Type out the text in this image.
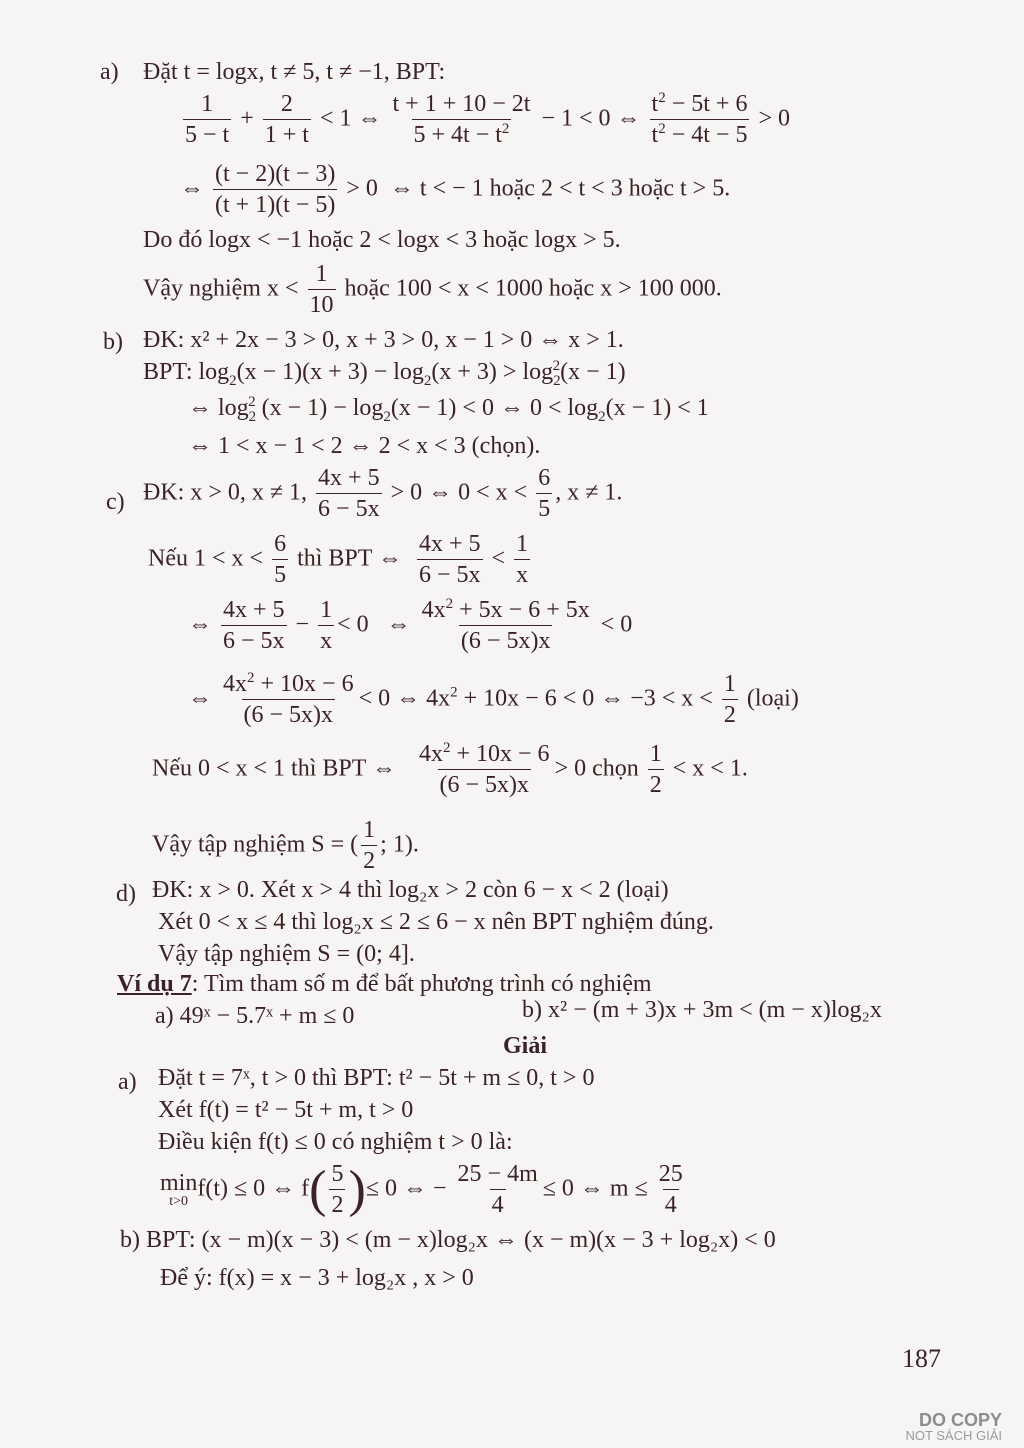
a) Đặt t = logx, t ≠ 5, t ≠ −1, BPT:
$\frac{1}{5 - t} + \frac{2}{1 + t} < 1$ ⇔ $\frac{t + 1 + 10 - 2t}{5 + 4t - t^2} - 1 < 0$ ⇔ $\frac{t^2 - 5t + 6}{t^2 - 4t - 5} > 0$
⇔ $\frac{(t - 2)(t - 3)}{(t + 1)(t - 5)} > 0$  ⇔ t < − 1 hoặc 2 < t < 3 hoặc t > 5.
Do đó logx < −1 hoặc 2 < logx < 3 hoặc logx > 5.
Vậy nghiệm $x < \frac{1}{10}$ hoặc 100 < x < 1000 hoặc x > 100 000.
b) ĐK: x² + 2x − 3 > 0, x + 3 > 0, x − 1 > 0 ⇔ x > 1.
BPT: $\log_2(x - 1)(x + 3) - \log_2(x + 3) > \log_2^2(x - 1)$
⇔ $\log_2^2 (x - 1) - \log_2(x - 1) < 0$ ⇔ $0 < \log_2(x - 1) < 1$
⇔ 1 < x − 1 < 2 ⇔ 2 < x < 3 (chọn).
c) ĐK: x > 0, x ≠ 1, $\frac{4x + 5}{6 - 5x} > 0$ ⇔ $0 < x < \frac{6}{5}$ , x ≠ 1.
Nếu $1 < x < \frac{6}{5}$ thì BPT ⇔ $\frac{4x + 5}{6 - 5x} < \frac{1}{x}$
⇔ $\frac{4x + 5}{6 - 5x} - \frac{1}{x} < 0$   ⇔ $\frac{4x^2 + 5x - 6 + 5x}{(6 - 5x)x} < 0$
⇔ $\frac{4x^2 + 10x - 6}{(6 - 5x)x} < 0$ ⇔ $4x^2 + 10x - 6 < 0$ ⇔ $-3 < x < \frac{1}{2}$ (loại)
Nếu 0 < x < 1 thì BPT ⇔ $\frac{4x^2 + 10x - 6}{(6 - 5x)x} > 0$ chọn $\frac{1}{2} < x < 1$.
Vậy tập nghiệm S = ( $\frac{1}{2}$ ; 1).
d) ĐK: x > 0. Xét x > 4 thì log₂x > 2 còn 6 − x < 2 (loại)
Xét 0 < x ≤ 4 thì log₂x ≤ 2 ≤ 6 − x nên BPT nghiệm đúng.
Vậy tập nghiệm S = (0; 4].
Ví dụ 7: Tìm tham số m để bất phương trình có nghiệm
a) 49ˣ − 5.7ˣ + m ≤ 0	b) x² − (m + 3)x + 3m < (m − x)log₂x
Giải
a) Đặt t = 7ˣ, t > 0 thì BPT: t² − 5t + m ≤ 0, t > 0
Xét f(t) = t² − 5t + m, t > 0
Điều kiện f(t) ≤ 0 có nghiệm t > 0 là:
min
t>0 f(t) ≤ 0 ⇔ $f( \frac{5}{2}$ )≤ 0 ⇔ − $\frac{25 - 4m}{4} \le 0$ ⇔ $m \le \frac{25}{4}$
b) BPT: (x − m)(x − 3) < (m − x)log₂x ⇔ (x − m)(x − 3 + log₂x) < 0
Để ý: f(x) = x − 3 + log₂x , x > 0
187
DO COPY
NOT SÁCH GIẢI
